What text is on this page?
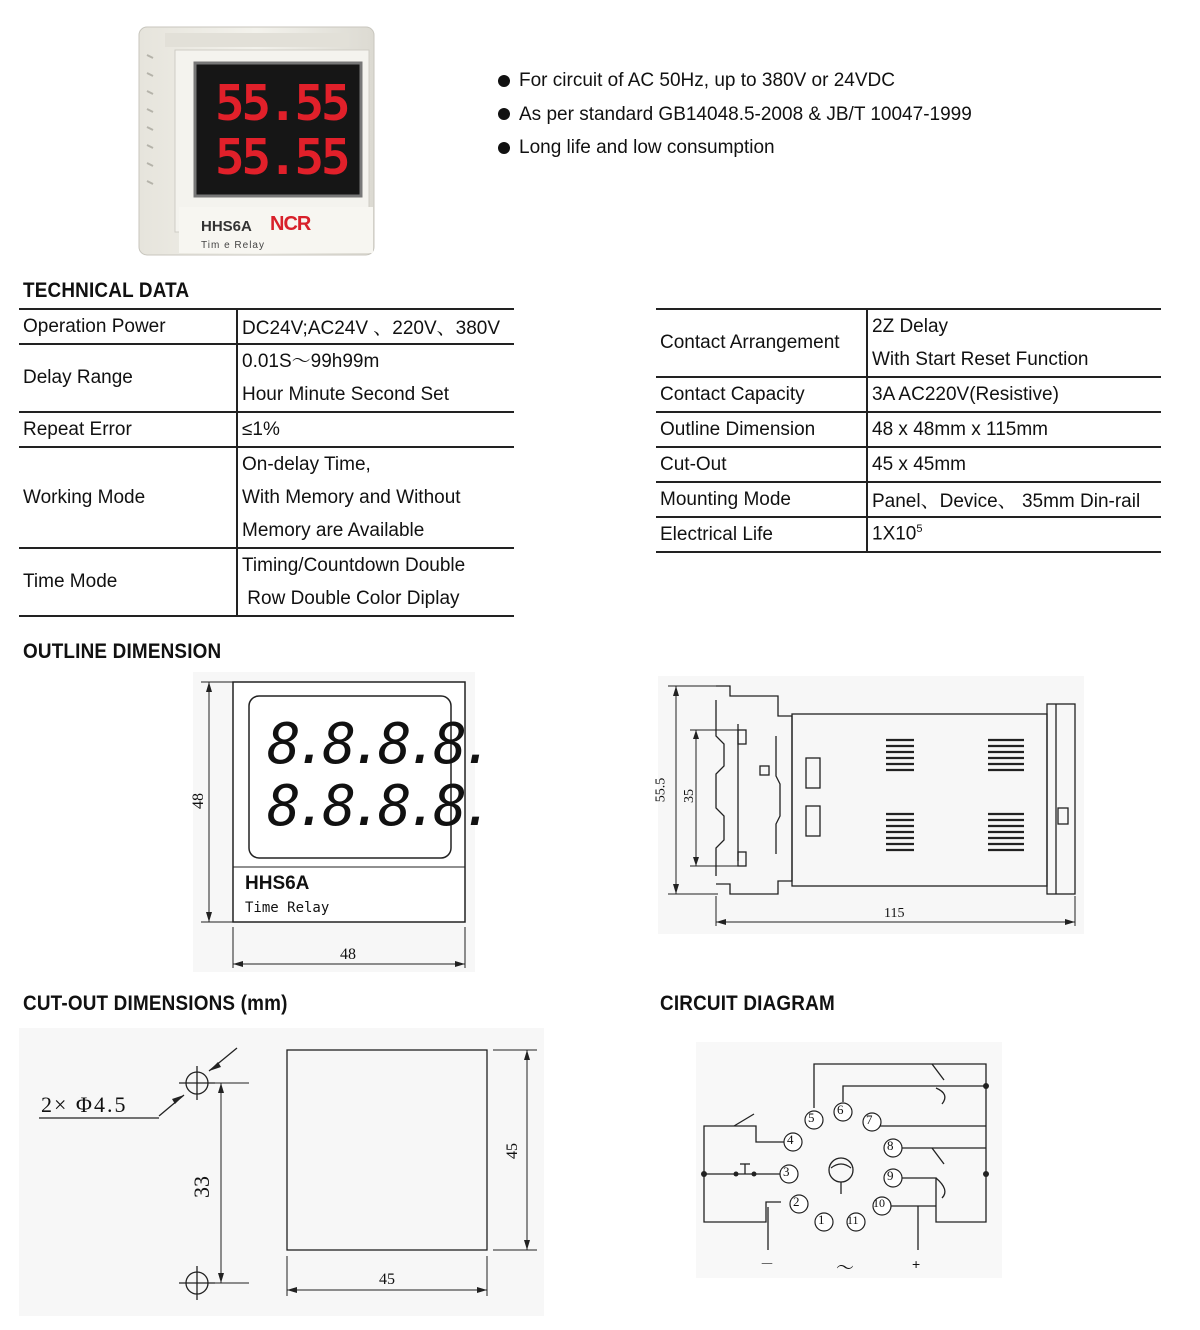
55.55
55.55
HHS6A NCR
Tim e Relay
For circuit of AC 50Hz, up to 380V or 24VDC
As per standard GB14048.5-2008 & JB/T 10047-1999
Long life and low consumption
TECHNICAL DATA
Operation Power	DC24V;AC24V 、220V、380V
Delay Range	0.01S～99h99m
Hour Minute Second Set

Repeat Error	≤1%
Working Mode	On-delay Time,
With Memory and Without
Memory are Available

Time Mode	Timing/Countdown Double
Row Double Color Diplay
Contact Arrangement	2Z Delay
With Start Reset Function

Contact Capacity	3A AC220V(Resistive)
Outline Dimension	48 x 48mm x 115mm
Cut-Out	45 x 45mm
Mounting Mode	Panel、Device、 35mm Din-rail
Electrical Life	$1X10^5$
OUTLINE DIMENSION
8.8.8.8.
8.8.8.8.
HHS6A
Time Relay
48
48
55.5 35
115
CUT-OUT DIMENSIONS (mm)
2× Φ4.5
33
45
45
CIRCUIT DIAGRAM
1
2
3
4
5
6
7
8
9
10
11
－	～	+
